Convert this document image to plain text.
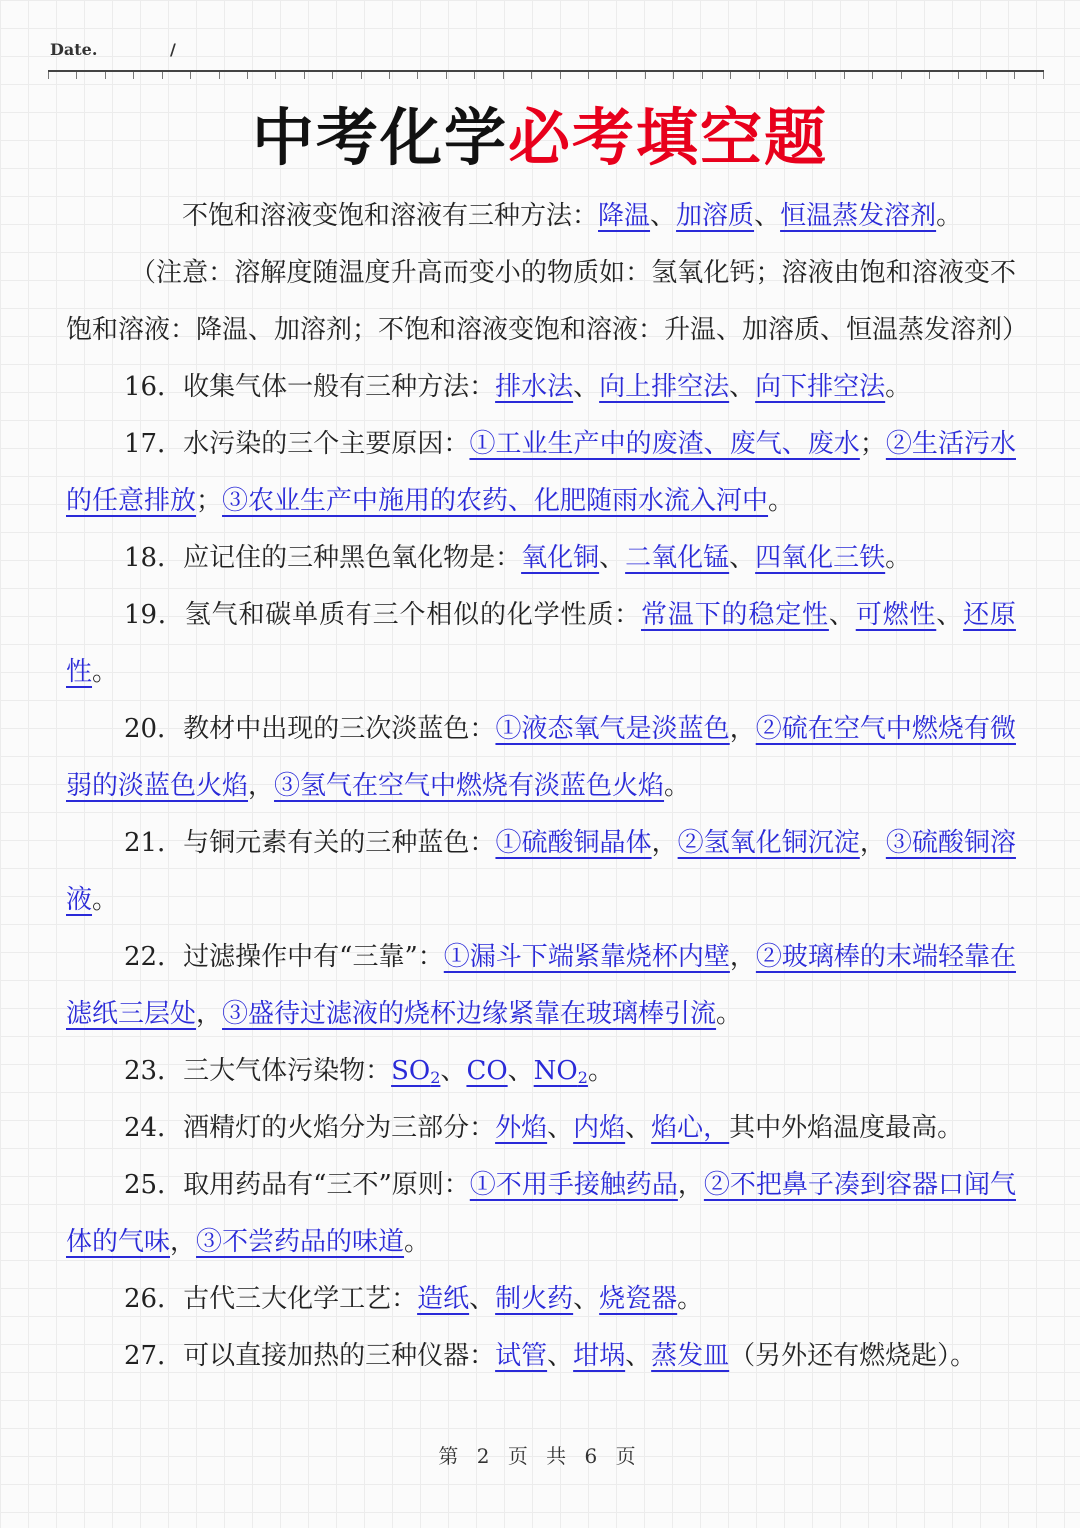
Date.	/
中考化学必考填空题

不饱和溶液变饱和溶液有三种方法：降温、加溶质、恒温蒸发溶剂。

（注意：溶解度随温度升高而变小的物质如：氢氧化钙；溶液由饱和溶液变不饱和溶液：降温、加溶剂；不饱和溶液变饱和溶液：升温、加溶质、恒温蒸发溶剂）

16．收集气体一般有三种方法：排水法、向上排空法、向下排空法。

17．水污染的三个主要原因：①工业生产中的废渣、废气、废水；②生活污水的任意排放；③农业生产中施用的农药、化肥随雨水流入河中。

18．应记住的三种黑色氧化物是：氧化铜、二氧化锰、四氧化三铁。

19．氢气和碳单质有三个相似的化学性质：常温下的稳定性、可燃性、还原性。

20．教材中出现的三次淡蓝色：①液态氧气是淡蓝色，②硫在空气中燃烧有微弱的淡蓝色火焰，③氢气在空气中燃烧有淡蓝色火焰。

21．与铜元素有关的三种蓝色：①硫酸铜晶体，②氢氧化铜沉淀，③硫酸铜溶液。

22．过滤操作中有“三靠”：①漏斗下端紧靠烧杯内壁，②玻璃棒的末端轻靠在滤纸三层处，③盛待过滤液的烧杯边缘紧靠在玻璃棒引流。

23．三大气体污染物：$SO_2$、CO、$NO_2$。

24．酒精灯的火焰分为三部分：外焰、内焰、焰心，其中外焰温度最高。

25．取用药品有“三不”原则：①不用手接触药品，②不把鼻子凑到容器口闻气体的气味，③不尝药品的味道。

26．古代三大化学工艺：造纸、制火药、烧瓷器。

27．可以直接加热的三种仪器：试管、坩埚、蒸发皿（另外还有燃烧匙）。

第 2 页 共 6 页
